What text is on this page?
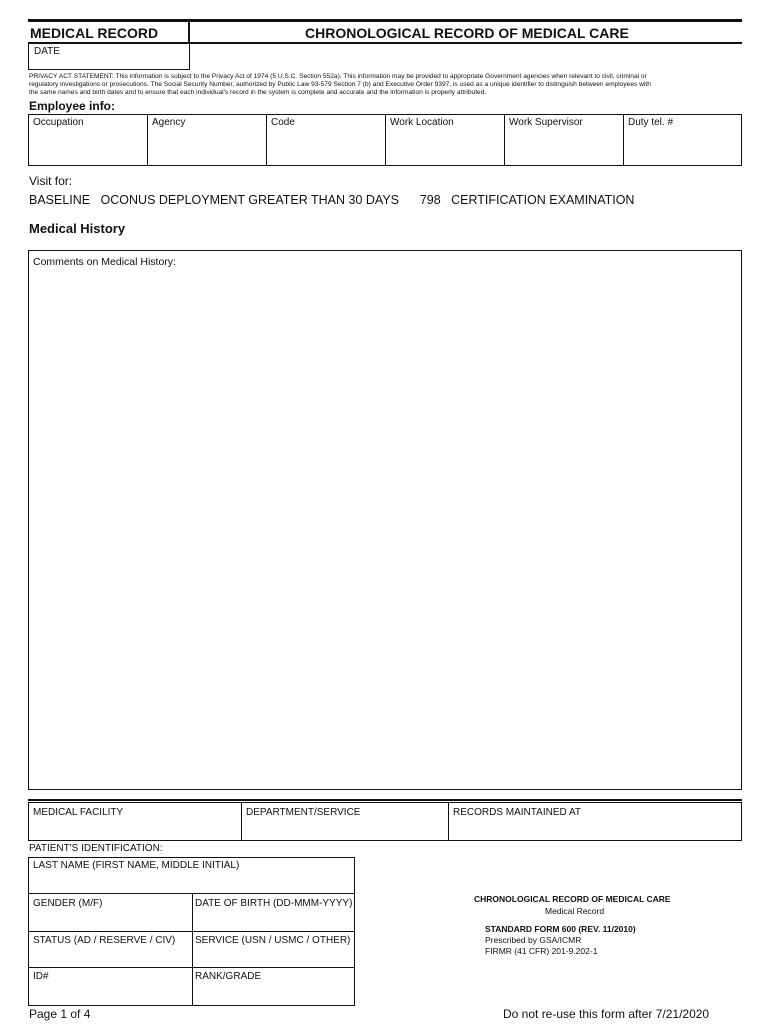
MEDICAL RECORD	CHRONOLOGICAL RECORD OF MEDICAL CARE
DATE
PRIVACY ACT STATEMENT: This information is subject to the Privacy Act of 1974 (5 U.S.C. Section 552a). This information may be provided to appropriate Government agencies when relevant to civil, criminal or
regulatory investigations or prosecutions. The Social Security Number, authorized by Public Law 93-579 Section 7 (b) and Executive Order 9397, is used as a unique identifier to distinguish between employees with
the same names and birth dates and to ensure that each individual's record in the system is complete and accurate and the information is properly attributed.
Employee info:
Occupation	Agency	Code	Work Location	Work Supervisor	Duty tel. #
Visit for:
BASELINE   OCONUS DEPLOYMENT GREATER THAN 30 DAYS      798   CERTIFICATION EXAMINATION
Medical History
Comments on Medical History:
MEDICAL FACILITY	DEPARTMENT/SERVICE	RECORDS MAINTAINED AT
PATIENT'S IDENTIFICATION:
LAST NAME (FIRST NAME, MIDDLE INITIAL)
GENDER (M/F)	DATE OF BIRTH (DD-MMM-YYYY)
STATUS (AD / RESERVE / CIV)	SERVICE (USN / USMC / OTHER)
ID#	RANK/GRADE
CHRONOLOGICAL RECORD OF MEDICAL CARE
Medical Record
STANDARD FORM 600 (REV. 11/2010)
Prescribed by GSA/ICMR
FIRMR (41 CFR) 201-9.202-1
Page 1 of 4	Do not re-use this form after 7/21/2020
